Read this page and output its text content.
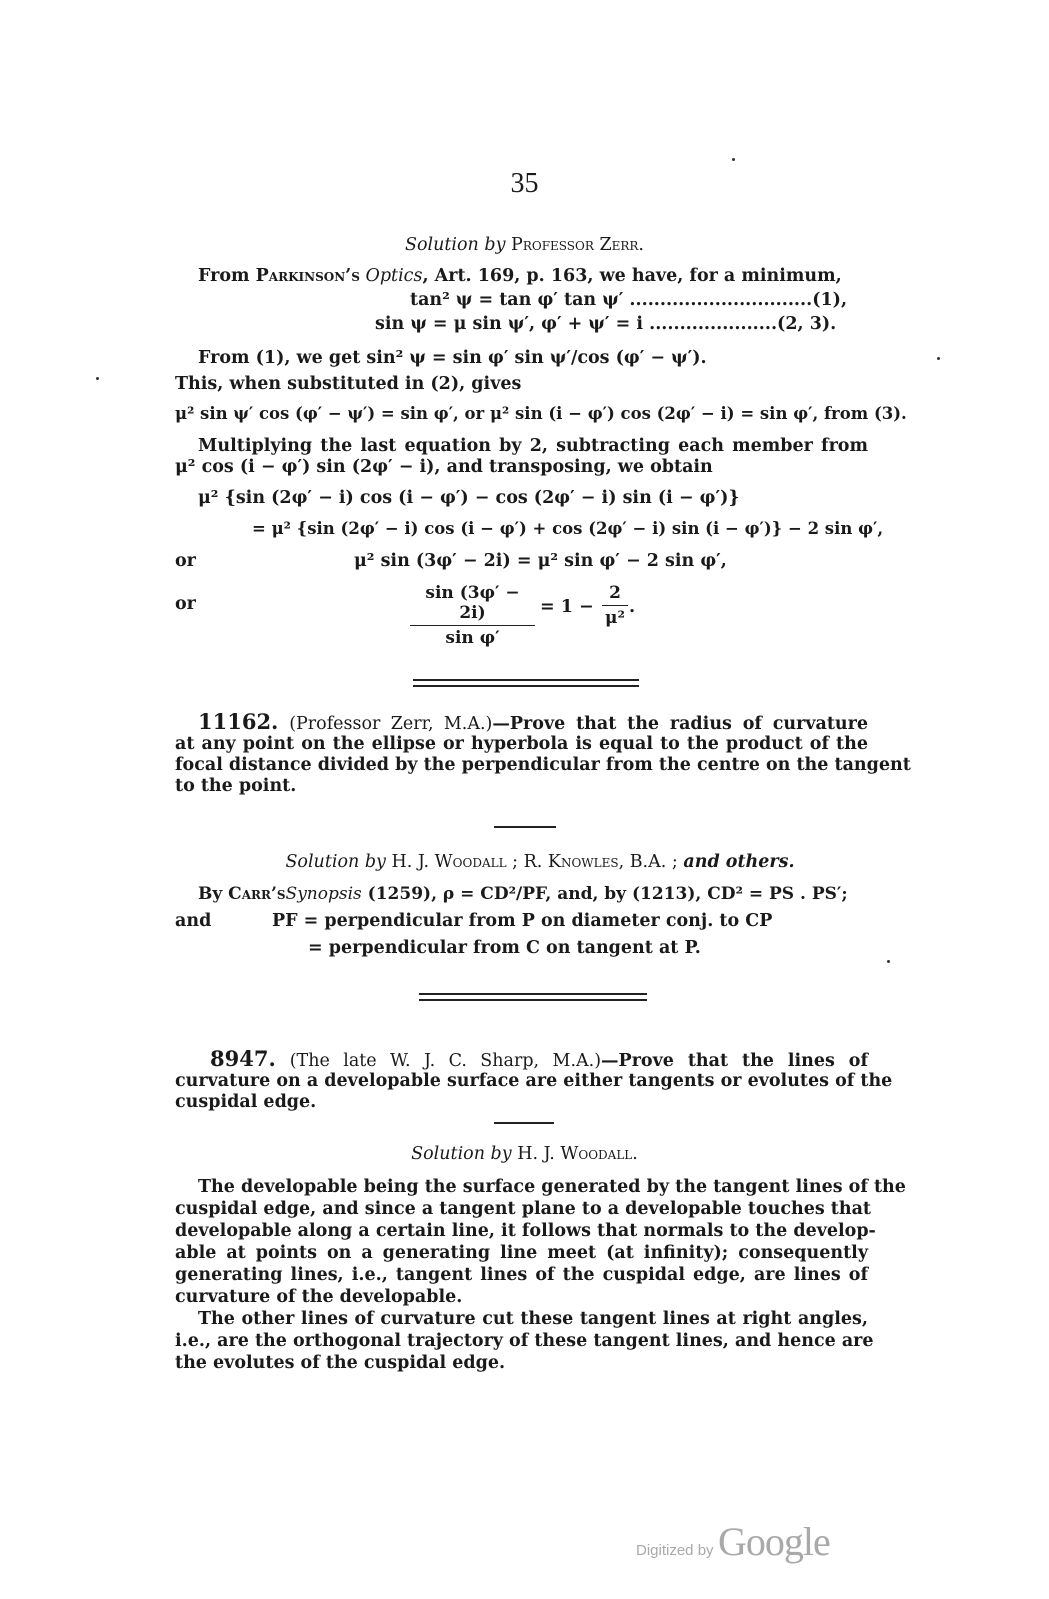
35
Solution by Professor Zerr.
From Parkinson’s Optics, Art. 169, p. 163, we have, for a minimum,
tan² ψ = tan φ′ tan ψ′ ..............................(1),
sin ψ = μ sin ψ′, φ′ + ψ′ = i .....................(2, 3).
From (1), we get sin² ψ = sin φ′ sin ψ′/cos (φ′ − ψ′).
This, when substituted in (2), gives
μ² sin ψ′ cos (φ′ − ψ′) = sin φ′, or μ² sin (i − φ′) cos (2φ′ − i) = sin φ′, from (3).
Multiplying the last equation by 2, subtracting each member from
μ² cos (i − φ′) sin (2φ′ − i), and transposing, we obtain
μ² {sin (2φ′ − i) cos (i − φ′) − cos (2φ′ − i) sin (i − φ′)}
= μ² {sin (2φ′ − i) cos (i − φ′) + cos (2φ′ − i) sin (i − φ′)} − 2 sin φ′,
or	μ² sin (3φ′ − 2i) = μ² sin φ′ − 2 sin φ′,
or
sin (3φ′ − 2i)
sin φ′
= 1 −
2
μ²
.
11162. (Professor Zerr, M.A.)—Prove that the radius of curvature
at any point on the ellipse or hyperbola is equal to the product of the
focal distance divided by the perpendicular from the centre on the tangent
to the point.
Solution by H. J. Woodall ; R. Knowles, B.A. ; and others.
By Carr’sSynopsis (1259), ρ = CD²/PF, and, by (1213), CD² = PS . PS′;
and	PF = perpendicular from P on diameter conj. to CP
= perpendicular from C on tangent at P.
8947. (The late W. J. C. Sharp, M.A.)—Prove that the lines of
curvature on a developable surface are either tangents or evolutes of the
cuspidal edge.
Solution by H. J. Woodall.
The developable being the surface generated by the tangent lines of the
cuspidal edge, and since a tangent plane to a developable touches that
developable along a certain line, it follows that normals to the develop-
able at points on a generating line meet (at infinity); consequently
generating lines, i.e., tangent lines of the cuspidal edge, are lines of
curvature of the developable.
The other lines of curvature cut these tangent lines at right angles,
i.e., are the orthogonal trajectory of these tangent lines, and hence are
the evolutes of the cuspidal edge.
Digitized by Google
